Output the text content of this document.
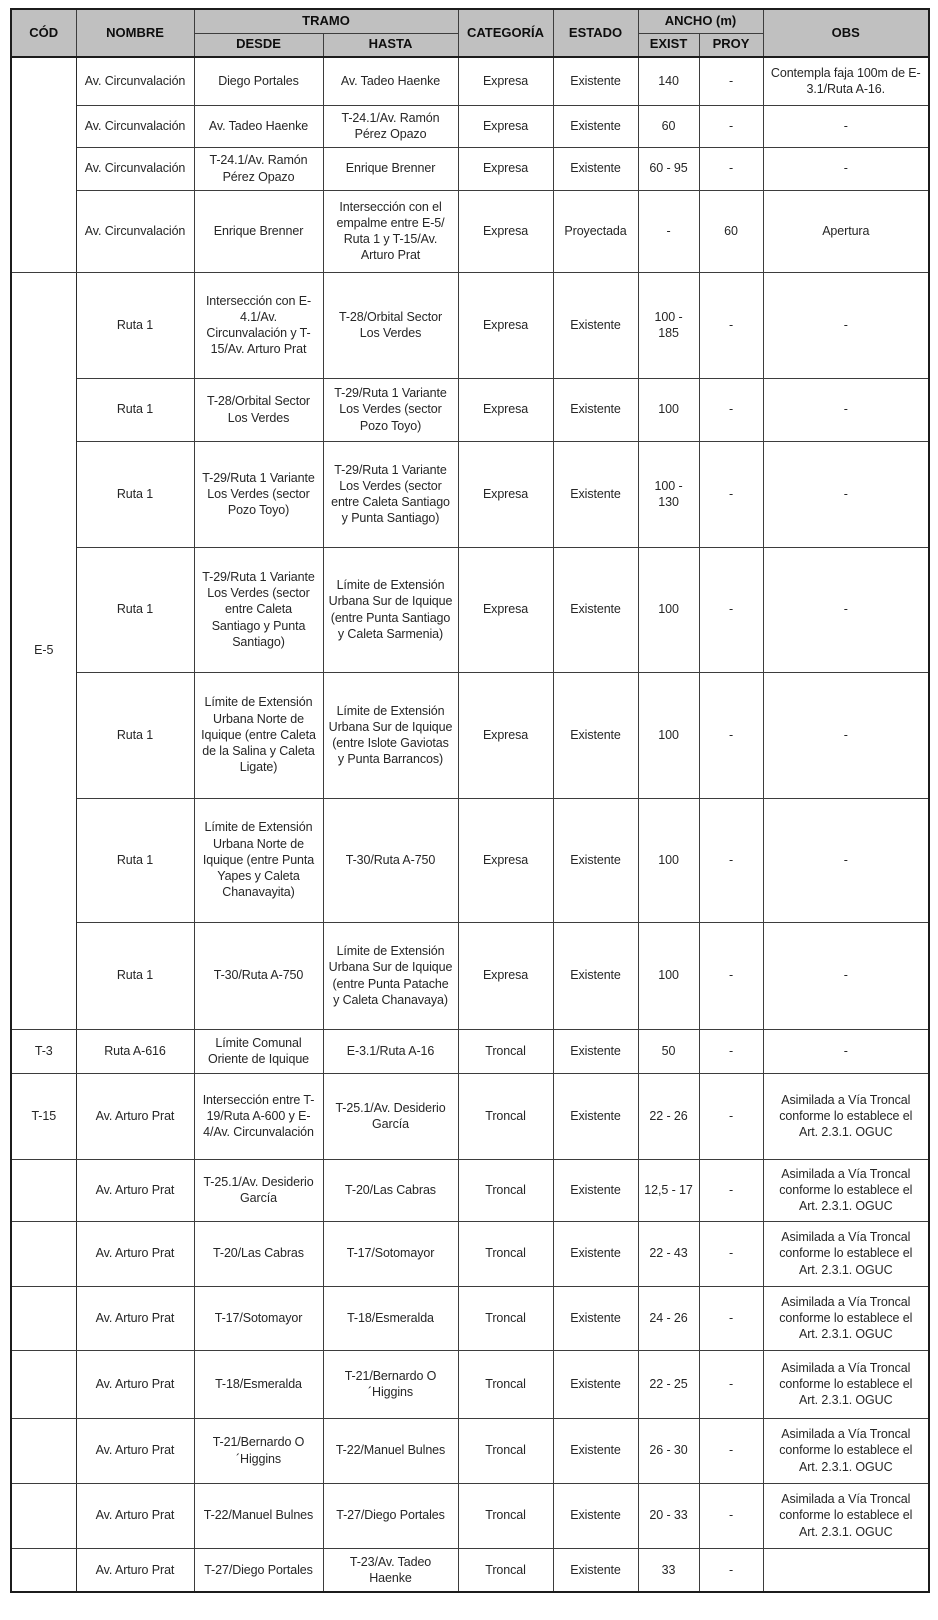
CÓD	NOMBRE	TRAMO		CATEGORÍA	ESTADO	ANCHO (m)		OBS
		DESDE	HASTA			EXIST	PROY	
	Av. Circunvalación	Diego Portales	Av. Tadeo Haenke	Expresa	Existente	140	-	Contempla faja 100m de E-3.1/Ruta A-16.
	Av. Circunvalación	Av. Tadeo Haenke	T-24.1/Av. Ramón Pérez Opazo	Expresa	Existente	60	-	-
	Av. Circunvalación	T-24.1/Av. Ramón Pérez Opazo	Enrique Brenner	Expresa	Existente	60 - 95	-	-
	Av. Circunvalación	Enrique Brenner	Intersección con el empalme entre E-5/ Ruta 1 y T-15/Av. Arturo Prat	Expresa	Proyectada	-	60	Apertura
E-5	Ruta 1	Intersección con E-4.1/Av. Circunvalación y T-15/Av. Arturo Prat	T-28/Orbital Sector Los Verdes	Expresa	Existente	100 - 185	-	-
	Ruta 1	T-28/Orbital Sector Los Verdes	T-29/Ruta 1 Variante Los Verdes (sector Pozo Toyo)	Expresa	Existente	100	-	-
	Ruta 1	T-29/Ruta 1 Variante Los Verdes (sector Pozo Toyo)	T-29/Ruta 1 Variante Los Verdes (sector entre Caleta Santiago y Punta Santiago)	Expresa	Existente	100 - 130	-	-
	Ruta 1	T-29/Ruta 1 Variante Los Verdes (sector entre Caleta Santiago y Punta Santiago)	Límite de Extensión Urbana Sur de Iquique (entre Punta Santiago y Caleta Sarmenia)	Expresa	Existente	100	-	-
	Ruta 1	Límite de Extensión Urbana Norte de Iquique (entre Caleta de la Salina y Caleta Ligate)	Límite de Extensión Urbana Sur de Iquique (entre Islote Gaviotas y Punta Barrancos)	Expresa	Existente	100	-	-
	Ruta 1	Límite de Extensión Urbana Norte de Iquique (entre Punta Yapes y Caleta Chanavayita)	T-30/Ruta A-750	Expresa	Existente	100	-	-
	Ruta 1	T-30/Ruta A-750	Límite de Extensión Urbana Sur de Iquique (entre Punta Patache y Caleta Chanavaya)	Expresa	Existente	100	-	-
T-3	Ruta A-616	Límite Comunal Oriente de Iquique	E-3.1/Ruta A-16	Troncal	Existente	50	-	-
T-15	Av. Arturo Prat	Intersección entre T-19/Ruta A-600 y E-4/Av. Circunvalación	T-25.1/Av. Desiderio García	Troncal	Existente	22 - 26	-	Asimilada a Vía Troncal conforme lo establece el Art. 2.3.1. OGUC
	Av. Arturo Prat	T-25.1/Av. Desiderio García	T-20/Las Cabras	Troncal	Existente	12,5 - 17	-	Asimilada a Vía Troncal conforme lo establece el Art. 2.3.1. OGUC
	Av. Arturo Prat	T-20/Las Cabras	T-17/Sotomayor	Troncal	Existente	22 - 43	-	Asimilada a Vía Troncal conforme lo establece el Art. 2.3.1. OGUC
	Av. Arturo Prat	T-17/Sotomayor	T-18/Esmeralda	Troncal	Existente	24 - 26	-	Asimilada a Vía Troncal conforme lo establece el Art. 2.3.1. OGUC
	Av. Arturo Prat	T-18/Esmeralda	T-21/Bernardo O´Higgins	Troncal	Existente	22 - 25	-	Asimilada a Vía Troncal conforme lo establece el Art. 2.3.1. OGUC
	Av. Arturo Prat	T-21/Bernardo O´Higgins	T-22/Manuel Bulnes	Troncal	Existente	26 - 30	-	Asimilada a Vía Troncal conforme lo establece el Art. 2.3.1. OGUC
	Av. Arturo Prat	T-22/Manuel Bulnes	T-27/Diego Portales	Troncal	Existente	20 - 33	-	Asimilada a Vía Troncal conforme lo establece el Art. 2.3.1. OGUC
	Av. Arturo Prat	T-27/Diego Portales	T-23/Av. Tadeo Haenke	Troncal	Existente	33	-	
